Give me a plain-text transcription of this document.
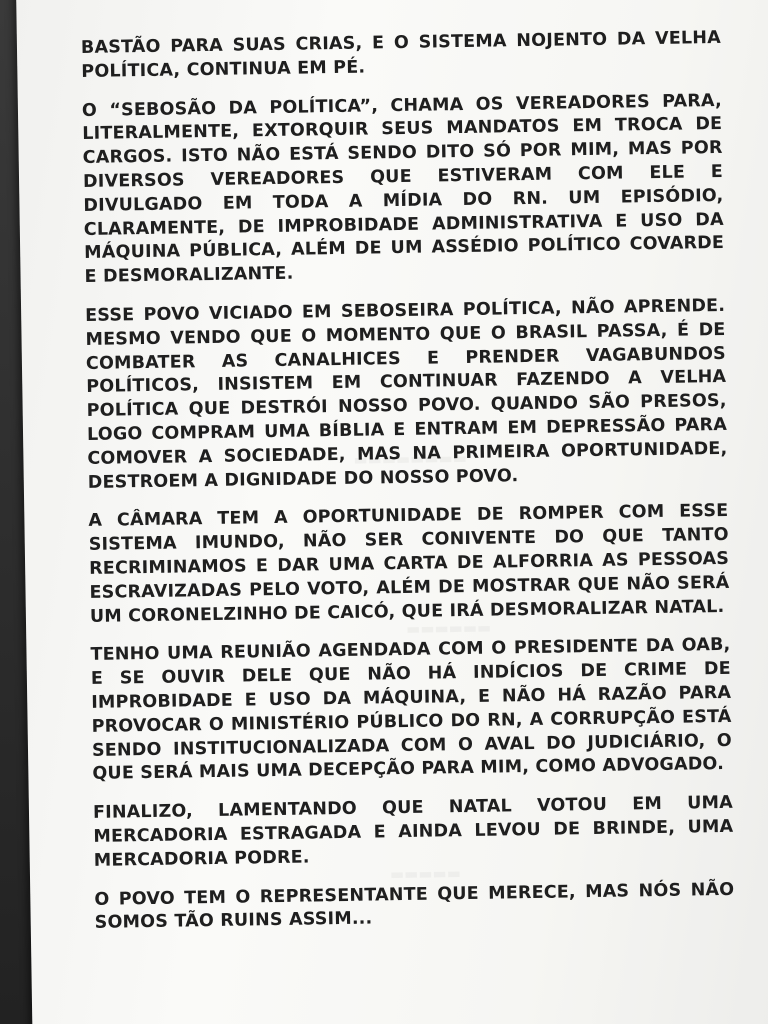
BASTÃO PARA SUAS CRIAS, E O SISTEMA NOJENTO DA VELHA POLÍTICA, CONTINUA EM PÉ.

O “SEBOSÃO DA POLÍTICA”, CHAMA OS VEREADORES PARA, LITERALMENTE, EXTORQUIR SEUS MANDATOS EM TROCA DE CARGOS. ISTO NÃO ESTÁ SENDO DITO SÓ POR MIM, MAS POR DIVERSOS VEREADORES QUE ESTIVERAM COM ELE E DIVULGADO EM TODA A MÍDIA DO RN. UM EPISÓDIO, CLARAMENTE, DE IMPROBIDADE ADMINISTRATIVA E USO DA MÁQUINA PÚBLICA, ALÉM DE UM ASSÉDIO POLÍTICO COVARDE E DESMORALIZANTE.

ESSE POVO VICIADO EM SEBOSEIRA POLÍTICA, NÃO APRENDE. MESMO VENDO QUE O MOMENTO QUE O BRASIL PASSA, É DE COMBATER AS CANALHICES E PRENDER VAGABUNDOS POLÍTICOS, INSISTEM EM CONTINUAR FAZENDO A VELHA POLÍTICA QUE DESTRÓI NOSSO POVO. QUANDO SÃO PRESOS, LOGO COMPRAM UMA BÍBLIA E ENTRAM EM DEPRESSÃO PARA COMOVER A SOCIEDADE, MAS NA PRIMEIRA OPORTUNIDADE, DESTROEM A DIGNIDADE DO NOSSO POVO.

A CÂMARA TEM A OPORTUNIDADE DE ROMPER COM ESSE SISTEMA IMUNDO, NÃO SER CONIVENTE DO QUE TANTO RECRIMINAMOS E DAR UMA CARTA DE ALFORRIA AS PESSOAS ESCRAVIZADAS PELO VOTO, ALÉM DE MOSTRAR QUE NÃO SERÁ UM CORONELZINHO DE CAICÓ, QUE IRÁ DESMORALIZAR NATAL.

TENHO UMA REUNIÃO AGENDADA COM O PRESIDENTE DA OAB, E SE OUVIR DELE QUE NÃO HÁ INDÍCIOS DE CRIME DE IMPROBIDADE E USO DA MÁQUINA, E NÃO HÁ RAZÃO PARA PROVOCAR O MINISTÉRIO PÚBLICO DO RN, A CORRUPÇÃO ESTÁ SENDO INSTITUCIONALIZADA COM O AVAL DO JUDICIÁRIO, O QUE SERÁ MAIS UMA DECEPÇÃO PARA MIM, COMO ADVOGADO.

FINALIZO, LAMENTANDO QUE NATAL VOTOU EM UMA MERCADORIA ESTRAGADA E AINDA LEVOU DE BRINDE, UMA MERCADORIA PODRE.

O POVO TEM O REPRESENTANTE QUE MERECE, MAS NÓS NÃO SOMOS TÃO RUINS ASSIM...
